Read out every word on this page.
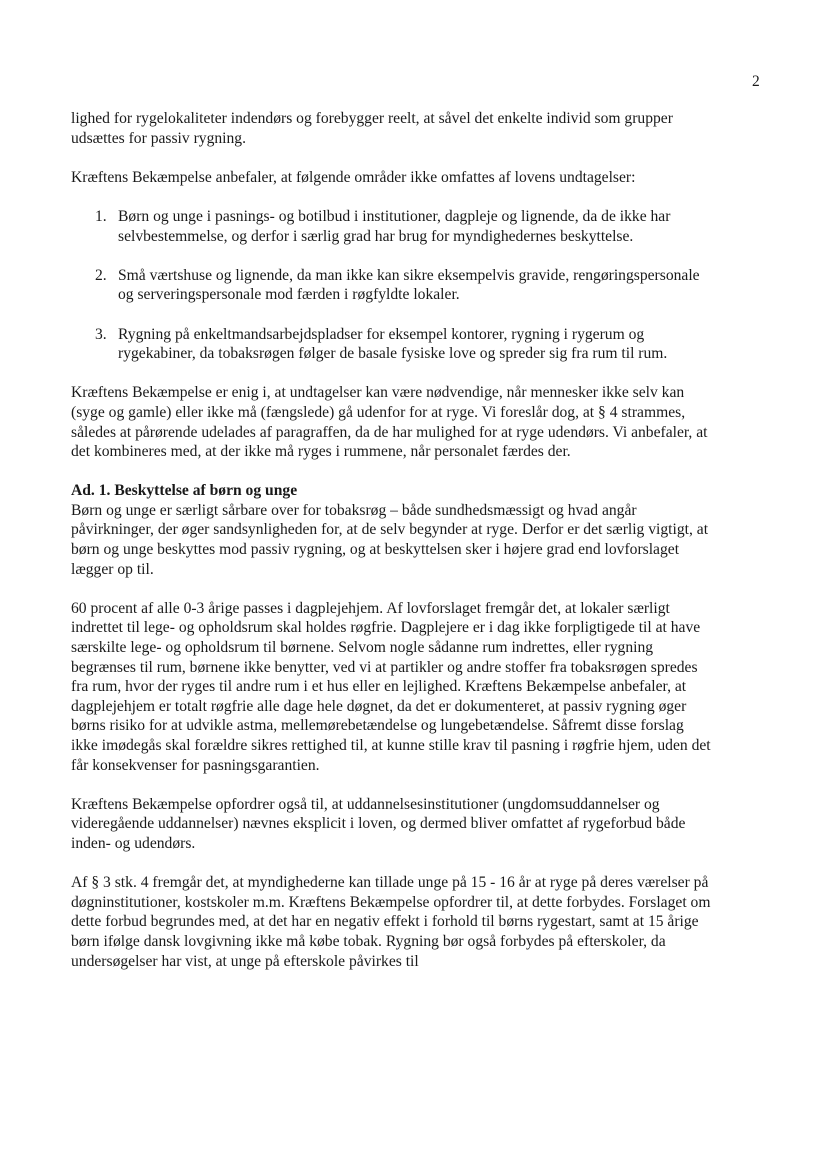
2

lighed for rygelokaliteter indendørs og forebygger reelt, at såvel det enkelte individ som grupper udsættes for passiv rygning.

Kræftens Bekæmpelse anbefaler, at følgende områder ikke omfattes af lovens undtagelser:

1. Børn og unge i pasnings- og botilbud i institutioner, dagpleje og lignende, da de ikke har selvbestemmelse, og derfor i særlig grad har brug for myndighedernes beskyttelse.
2. Små værtshuse og lignende, da man ikke kan sikre eksempelvis gravide, rengøringspersonale og serveringspersonale mod færden i røgfyldte lokaler.
3. Rygning på enkeltmandsarbejdspladser for eksempel kontorer, rygning i rygerum og rygekabiner, da tobaksrøgen følger de basale fysiske love og spreder sig fra rum til rum.

Kræftens Bekæmpelse er enig i, at undtagelser kan være nødvendige, når mennesker ikke selv kan (syge og gamle) eller ikke må (fængslede) gå udenfor for at ryge. Vi foreslår dog, at § 4 strammes, således at pårørende udelades af paragraffen, da de har mulighed for at ryge udendørs. Vi anbefaler, at det kombineres med, at der ikke må ryges i rummene, når personalet færdes der.

Ad. 1. Beskyttelse af børn og unge
Børn og unge er særligt sårbare over for tobaksrøg – både sundhedsmæssigt og hvad angår påvirkninger, der øger sandsynligheden for, at de selv begynder at ryge. Derfor er det særlig vigtigt, at børn og unge beskyttes mod passiv rygning, og at beskyttelsen sker i højere grad end lovforslaget lægger op til.

60 procent af alle 0-3 årige passes i dagplejehjem. Af lovforslaget fremgår det, at lokaler særligt indrettet til lege- og opholdsrum skal holdes røgfrie. Dagplejere er i dag ikke forpligtigede til at have særskilte lege- og opholdsrum til børnene. Selvom nogle sådanne rum indrettes, eller rygning begrænses til rum, børnene ikke benytter, ved vi at partikler og andre stoffer fra tobaksrøgen spredes fra rum, hvor der ryges til andre rum i et hus eller en lejlighed. Kræftens Bekæmpelse anbefaler, at dagplejehjem er totalt røgfrie alle dage hele døgnet, da det er dokumenteret, at passiv rygning øger børns risiko for at udvikle astma, mellemørebetændelse og lungebetændelse. Såfremt disse forslag ikke imødegås skal forældre sikres rettighed til, at kunne stille krav til pasning i røgfrie hjem, uden det får konsekvenser for pasningsgarantien.

Kræftens Bekæmpelse opfordrer også til, at uddannelsesinstitutioner (ungdomsuddannelser og videregående uddannelser) nævnes eksplicit i loven, og dermed bliver omfattet af rygeforbud både inden- og udendørs.

Af § 3 stk. 4 fremgår det, at myndighederne kan tillade unge på 15 - 16 år at ryge på deres værelser på døgninstitutioner, kostskoler m.m. Kræftens Bekæmpelse opfordrer til, at dette forbydes. Forslaget om dette forbud begrundes med, at det har en negativ effekt i forhold til børns rygestart, samt at 15 årige børn ifølge dansk lovgivning ikke må købe tobak. Rygning bør også forbydes på efterskoler, da undersøgelser har vist, at unge på efterskole påvirkes til
